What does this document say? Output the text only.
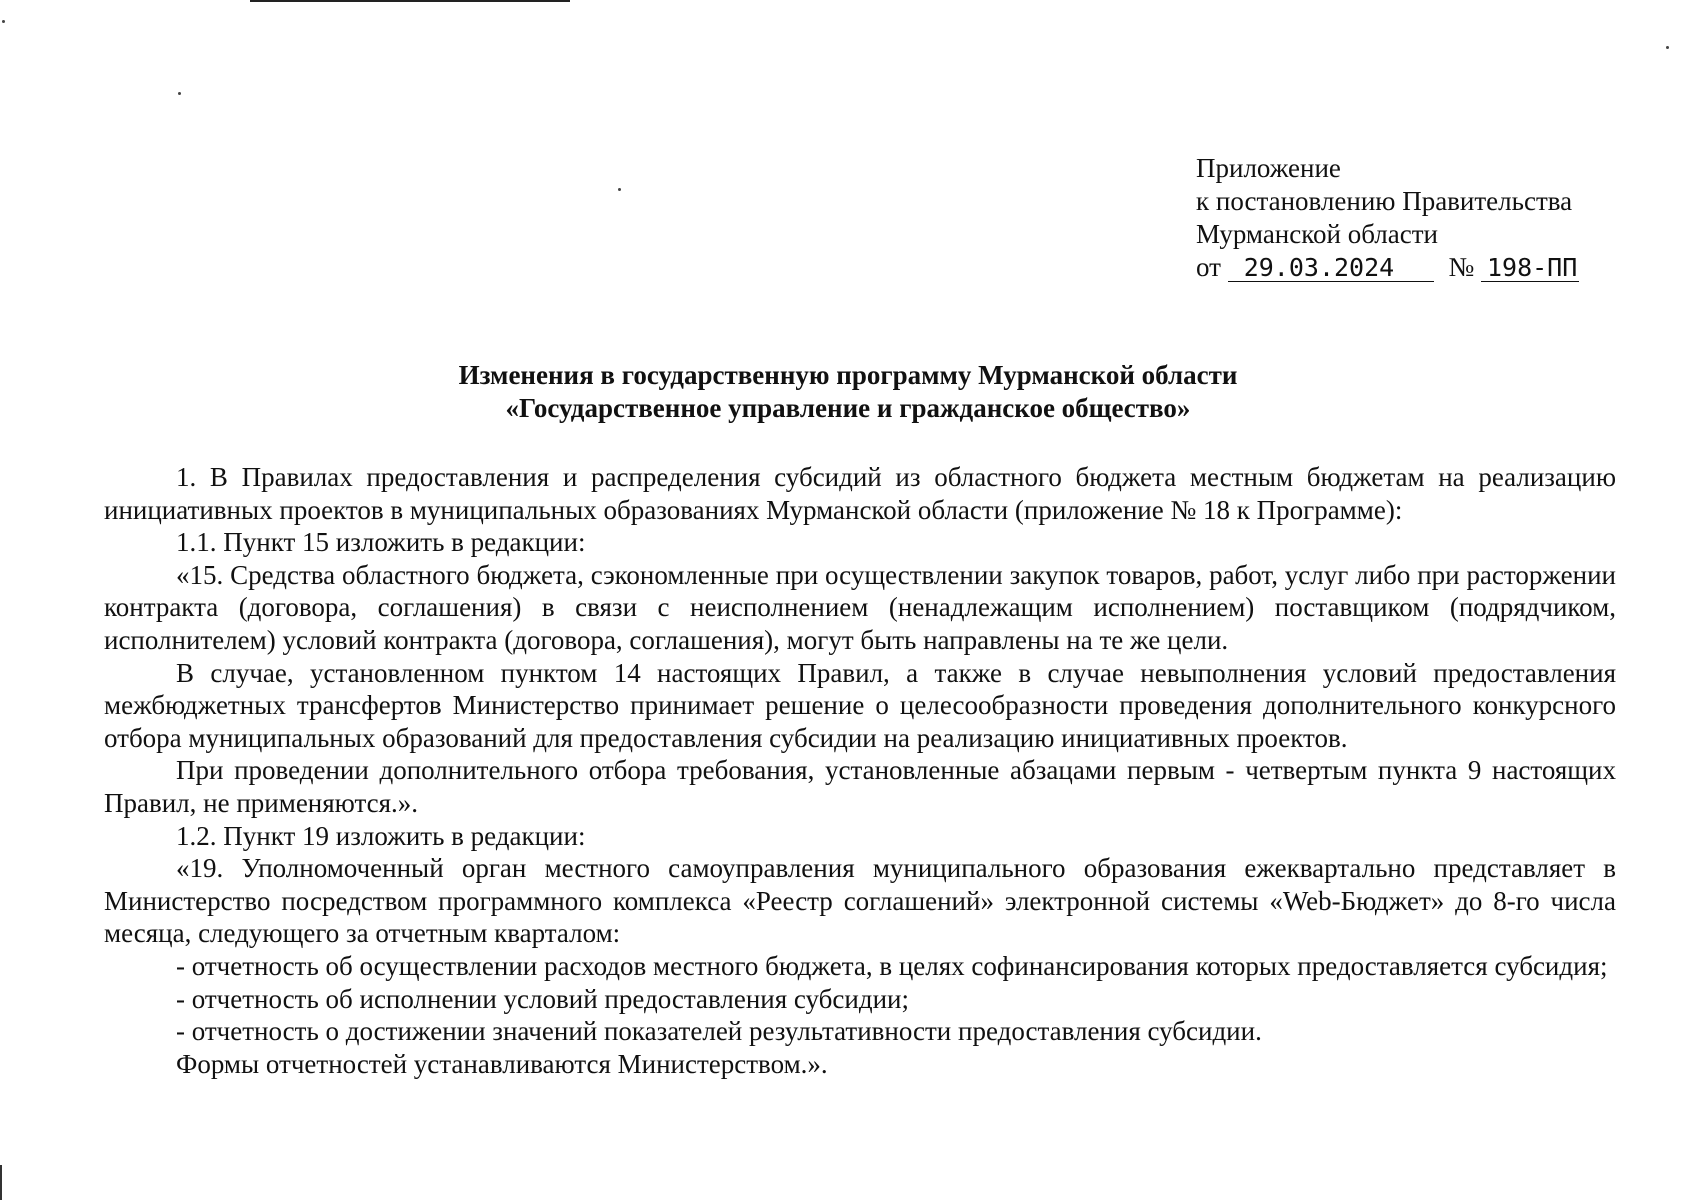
Приложение
к постановлению Правительства
Мурманской области
от 29.03.2024 № 198-ПП
Изменения в государственную программу Мурманской области
«Государственное управление и гражданское общество»

1. В Правилах предоставления и распределения субсидий из областного бюджета местным бюджетам на реализацию инициативных проектов в муниципальных образованиях Мурманской области (приложение № 18 к Программе):

1.1. Пункт 15 изложить в редакции:

«15. Средства областного бюджета, сэкономленные при осуществлении закупок товаров, работ, услуг либо при расторжении контракта (договора, соглашения) в связи с неисполнением (ненадлежащим исполнением) поставщиком (подрядчиком, исполнителем) условий контракта (договора, соглашения), могут быть направлены на те же цели.

В случае, установленном пунктом 14 настоящих Правил, а также в случае невыполнения условий предоставления межбюджетных трансфертов Министерство принимает решение о целесообразности проведения дополнительного конкурсного отбора муниципальных образований для предоставления субсидии на реализацию инициативных проектов.

При проведении дополнительного отбора требования, установленные абзацами первым - четвертым пункта 9 настоящих Правил, не применяются.».

1.2. Пункт 19 изложить в редакции:

«19. Уполномоченный орган местного самоуправления муниципального образования ежеквартально представляет в Министерство посредством программного комплекса «Реестр соглашений» электронной системы «Web-Бюджет» до 8-го числа месяца, следующего за отчетным кварталом:

- отчетность об осуществлении расходов местного бюджета, в целях софинансирования которых предоставляется субсидия;

- отчетность об исполнении условий предоставления субсидии;

- отчетность о достижении значений показателей результативности предоставления субсидии.

Формы отчетностей устанавливаются Министерством.».
